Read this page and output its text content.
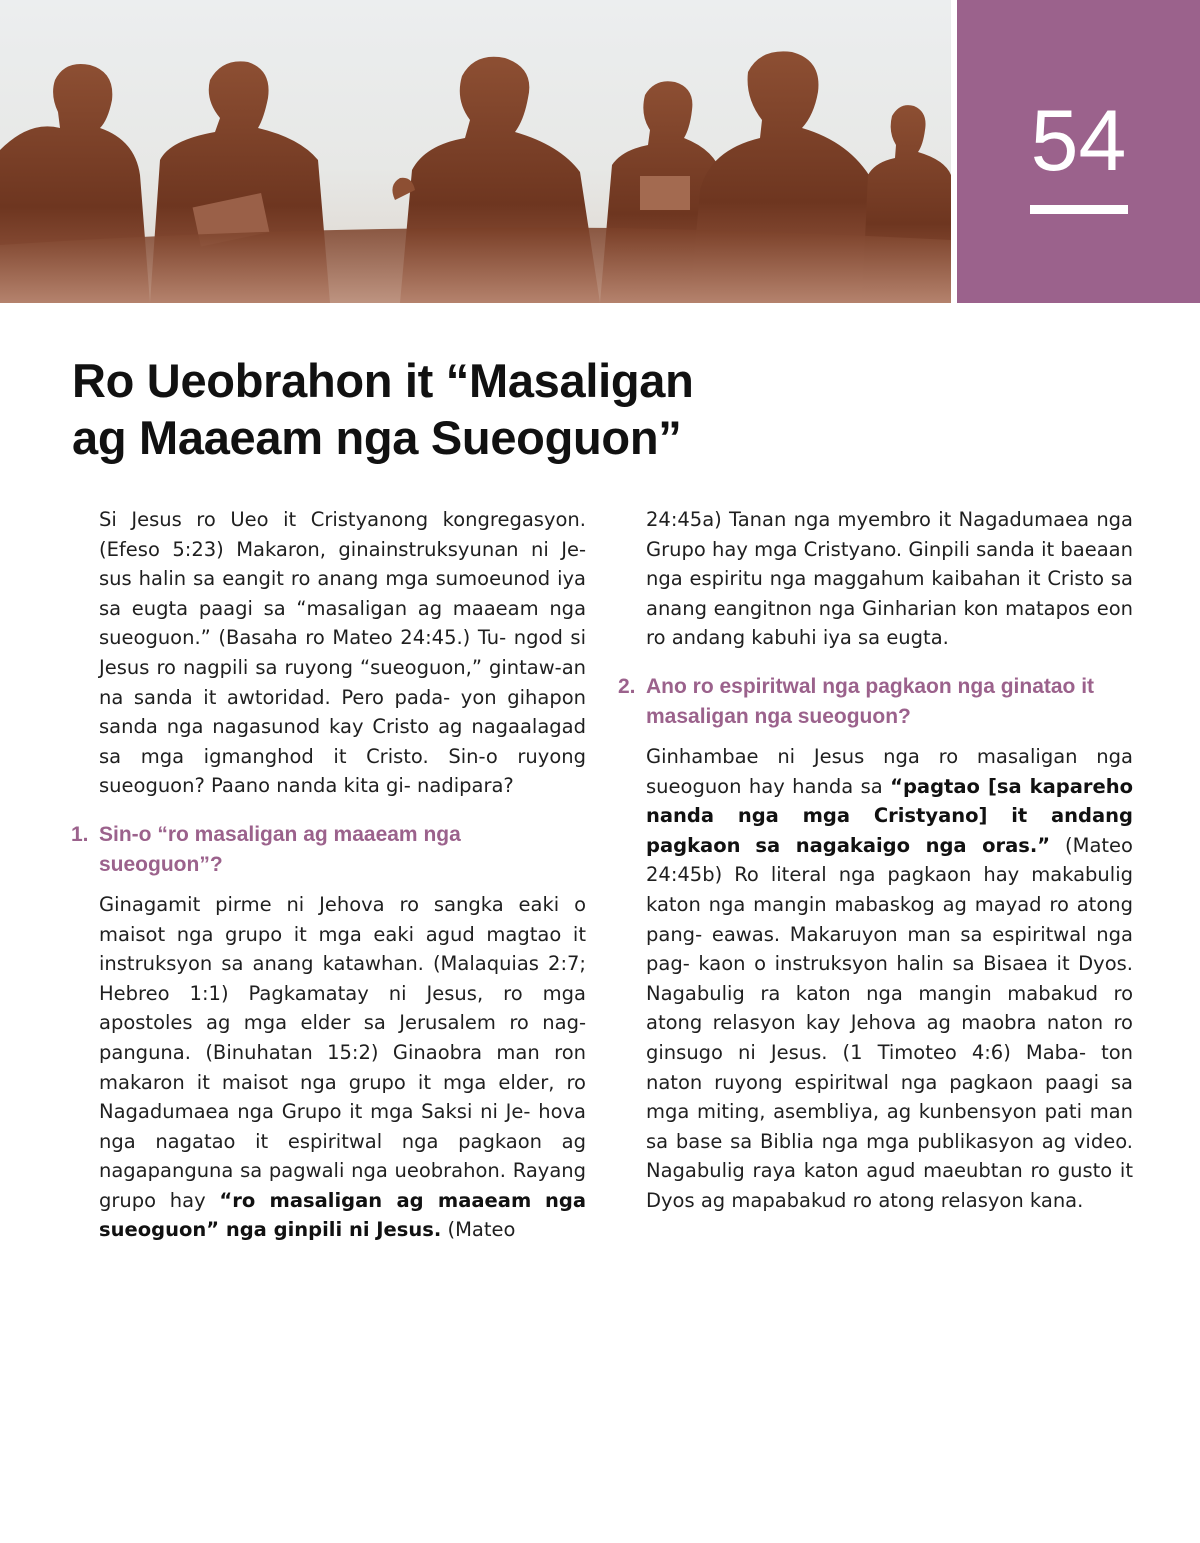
54
Ro Ueobrahon it “Masaligan
ag Maaeam nga Sueoguon”

Si Jesus ro Ueo it Cristyanong kongregasyon. (Efeso 5:23) Makaron, ginainstruksyunan ni Je- sus halin sa eangit ro anang mga sumoeunod iya sa eugta paagi sa “masaligan ag maaeam nga sueoguon.” (Basaha ro Mateo 24:45.) Tu- ngod si Jesus ro nagpili sa ruyong “sueoguon,” gintaw-an na sanda it awtoridad. Pero pada- yon gihapon sanda nga nagasunod kay Cristo ag nagaalagad sa mga igmanghod it Cristo. Sin-o ruyong sueoguon? Paano nanda kita gi- nadipara?

1. Sin-o “ro masaligan ag maaeam nga
sueoguon”?

Ginagamit pirme ni Jehova ro sangka eaki o maisot nga grupo it mga eaki agud magtao it instruksyon sa anang katawhan. (Malaquias 2:7; Hebreo 1:1) Pagkamatay ni Jesus, ro mga apostoles ag mga elder sa Jerusalem ro nag- panguna. (Binuhatan 15:2) Ginaobra man ron makaron it maisot nga grupo it mga elder, ro Nagadumaea nga Grupo it mga Saksi ni Je- hova nga nagatao it espiritwal nga pagkaon ag nagapanguna sa pagwali nga ueobrahon. Rayang grupo hay “ro masaligan ag maaeam nga sueoguon” nga ginpili ni Jesus. (Mateo

24:45a) Tanan nga myembro it Nagadumaea nga Grupo hay mga Cristyano. Ginpili sanda it baeaan nga espiritu nga maggahum kaibahan it Cristo sa anang eangitnon nga Ginharian kon matapos eon ro andang kabuhi iya sa eugta.

2. Ano ro espiritwal nga pagkaon nga ginatao it
masaligan nga sueoguon?

Ginhambae ni Jesus nga ro masaligan nga sueoguon hay handa sa “pagtao [sa kapareho nanda nga mga Cristyano] it andang pagkaon sa nagakaigo nga oras.” (Mateo 24:45b) Ro literal nga pagkaon hay makabulig katon nga mangin mabaskog ag mayad ro atong pang- eawas. Makaruyon man sa espiritwal nga pag- kaon o instruksyon halin sa Bisaea it Dyos. Nagabulig ra katon nga mangin mabakud ro atong relasyon kay Jehova ag maobra naton ro ginsugo ni Jesus. (1 Timoteo 4:6) Maba- ton naton ruyong espiritwal nga pagkaon paagi sa mga miting, asembliya, ag kunbensyon pati man sa base sa Biblia nga mga publikasyon ag video. Nagabulig raya katon agud maeubtan ro gusto it Dyos ag mapabakud ro atong relasyon kana.
